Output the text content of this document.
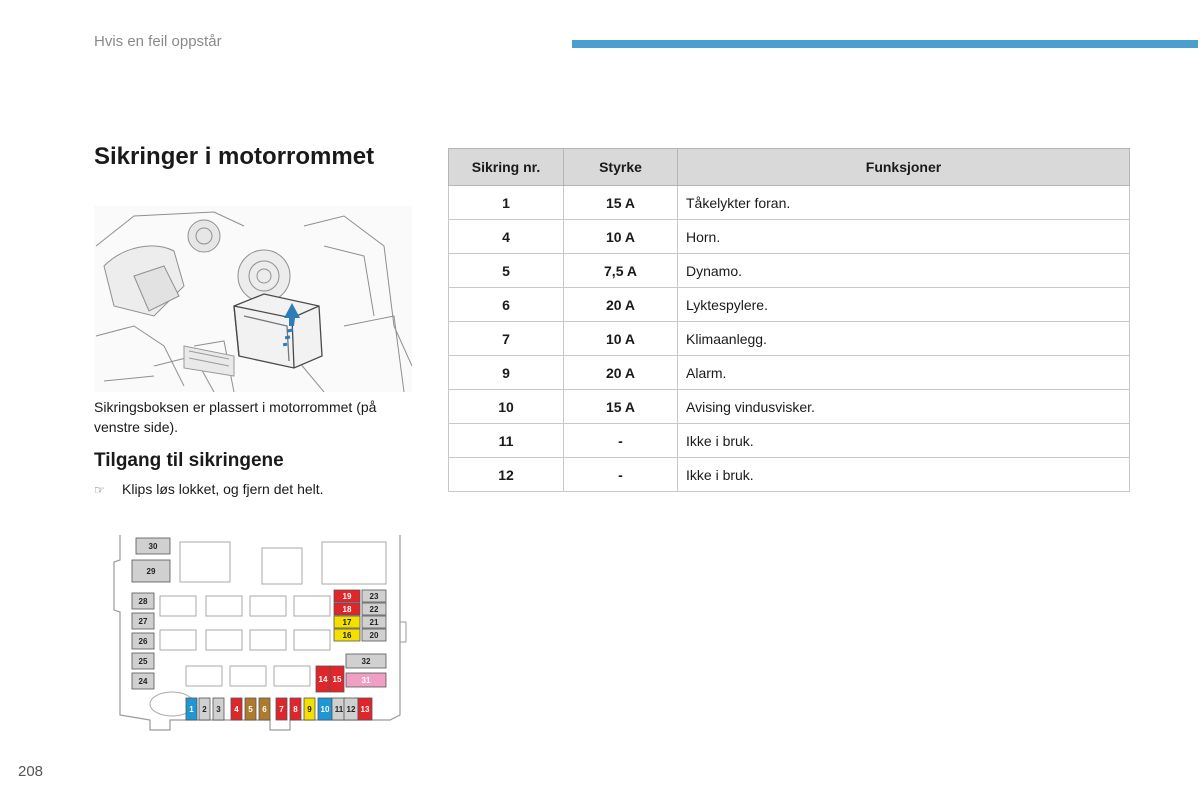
Hvis en feil oppstår
Sikringer i motorrommet
Sikringsboksen er plassert i motorrommet (på venstre side).
Tilgang til sikringene
☞ Klips løs lokket, og fjern det helt.
30
29
28
27
26
25
24
19 23
18 22
17 21
16 20
32
31
14 15
1 2 3 4 5 6 7 8 9 10 11 12 13
Sikring nr.	Styrke	Funksjoner
1	15 A	Tåkelykter foran.
4	10 A	Horn.
5	7,5 A	Dynamo.
6	20 A	Lyktespylere.
7	10 A	Klimaanlegg.
9	20 A	Alarm.
10	15 A	Avising vindusvisker.
11	-	Ikke i bruk.
12	-	Ikke i bruk.
208
